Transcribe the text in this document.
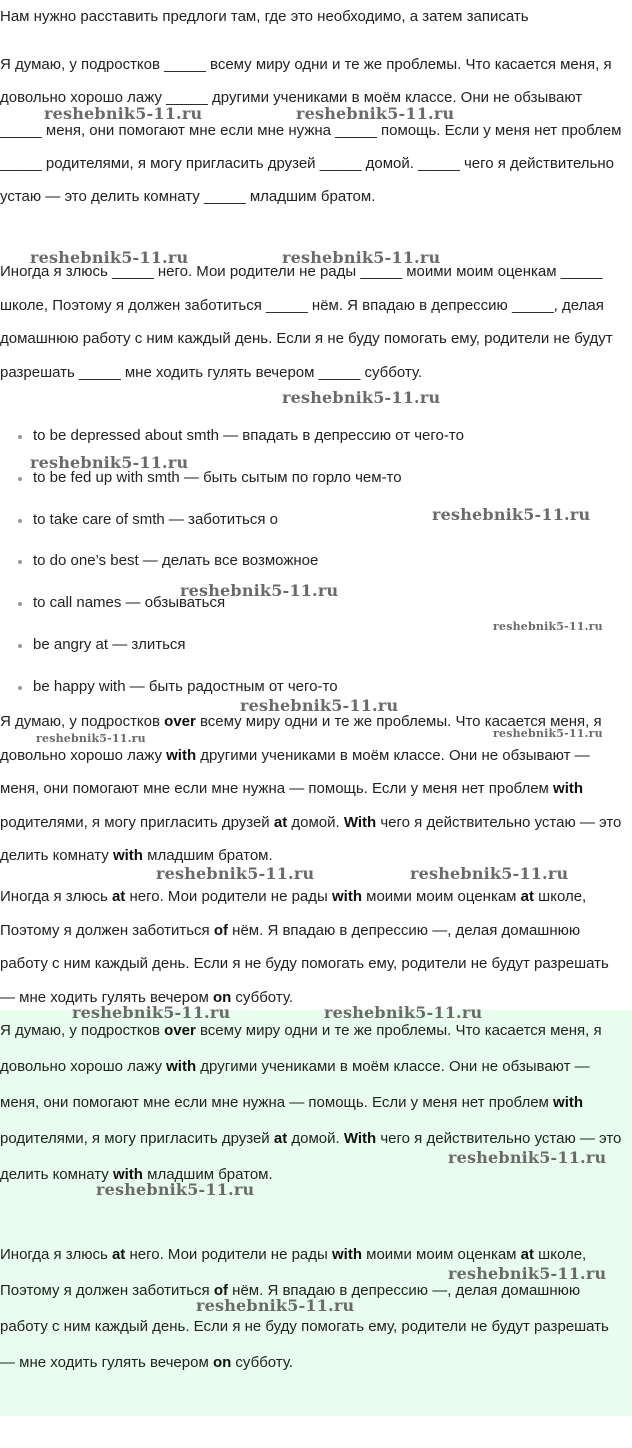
Нам нужно расставить предлоги там, где это необходимо, а затем записать

Я думаю, у подростков _____ всему миру одни и те же проблемы. Что касается меня, я довольно хорошо лажу _____ другими учениками в моём классе. Они не обзывают _____ меня, они помогают мне если мне нужна _____ помощь. Если у меня нет проблем _____ родителями, я могу пригласить друзей _____ домой. _____ чего я действительно устаю — это делить комнату _____ младшим братом.

Иногда я злюсь _____ него. Мои родители не рады _____ моими моим оценкам _____ школе, Поэтому я должен заботиться _____ нём. Я впадаю в депрессию _____, делая домашнюю работу с ним каждый день. Если я не буду помогать ему, родители не будут разрешать _____ мне ходить гулять вечером _____ субботу.

to be depressed about smth — впадать в депрессию от чего-то
to be fed up with smth — быть сытым по горло чем-то
to take care of smth — заботиться о
to do one’s best — делать все возможное
to call names — обзываться
be angry at — злиться
be happy with — быть радостным от чего-то

Я думаю, у подростков over всему миру одни и те же проблемы. Что касается меня, я довольно хорошо лажу with другими учениками в моём классе. Они не обзывают — меня, они помогают мне если мне нужна — помощь. Если у меня нет проблем with родителями, я могу пригласить друзей at домой. With чего я действительно устаю — это делить комнату with младшим братом.

Иногда я злюсь at него. Мои родители не рады with моими моим оценкам at школе, Поэтому я должен заботиться of нём. Я впадаю в депрессию —, делая домашнюю работу с ним каждый день. Если я не буду помогать ему, родители не будут разрешать — мне ходить гулять вечером on субботу.

Я думаю, у подростков over всему миру одни и те же проблемы. Что касается меня, я довольно хорошо лажу with другими учениками в моём классе. Они не обзывают — меня, они помогают мне если мне нужна — помощь. Если у меня нет проблем with родителями, я могу пригласить друзей at домой. With чего я действительно устаю — это делить комнату with младшим братом.

Иногда я злюсь at него. Мои родители не рады with моими моим оценкам at школе, Поэтому я должен заботиться of нём. Я впадаю в депрессию —, делая домашнюю работу с ним каждый день. Если я не буду помогать ему, родители не будут разрешать — мне ходить гулять вечером on субботу.

reshebnik5-11.ru	reshebnik5-11.ru
reshebnik5-11.ru	reshebnik5-11.ru
reshebnik5-11.ru
reshebnik5-11.ru
reshebnik5-11.ru
reshebnik5-11.ru
reshebnik5-11.ru
reshebnik5-11.ru
reshebnik5-11.ru	reshebnik5-11.ru
reshebnik5-11.ru	reshebnik5-11.ru
reshebnik5-11.ru	reshebnik5-11.ru
reshebnik5-11.ru
reshebnik5-11.ru
reshebnik5-11.ru
reshebnik5-11.ru
